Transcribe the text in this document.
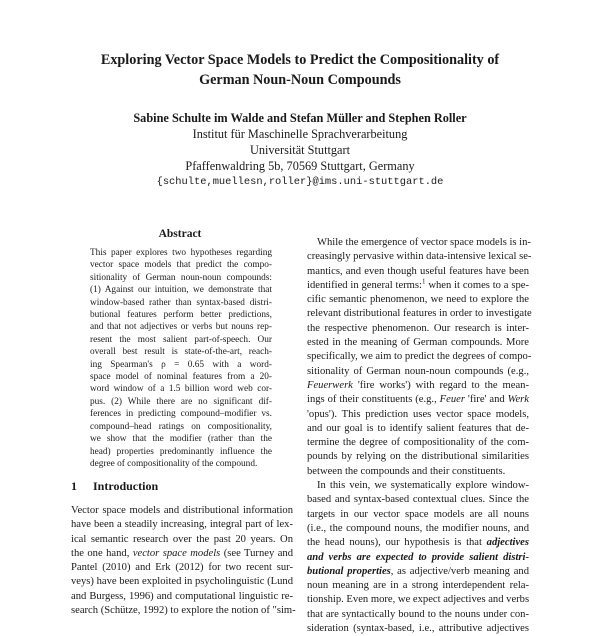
Exploring Vector Space Models to Predict the Compositionality of
German Noun-Noun Compounds
Sabine Schulte im Walde and Stefan Müller and Stephen Roller
Institut für Maschinelle Sprachverarbeitung
Universität Stuttgart
Pfaffenwaldring 5b, 70569 Stuttgart, Germany
{schulte,muellesn,roller}@ims.uni-stuttgart.de
Abstract
This paper explores two hypotheses regarding
vector space models that predict the compo-
sitionality of German noun-noun compounds:
(1) Against our intuition, we demonstrate that
window-based rather than syntax-based distri-
butional features perform better predictions,
and that not adjectives or verbs but nouns rep-
resent the most salient part-of-speech. Our
overall best result is state-of-the-art, reach-
ing Spearman's ρ = 0.65 with a word-
space model of nominal features from a 20-
word window of a 1.5 billion word web cor-
pus. (2) While there are no significant dif-
ferences in predicting compound–modifier vs.
compound–head ratings on compositionality,
we show that the modifier (rather than the
head) properties predominantly influence the
degree of compositionality of the compound.
1 Introduction
Vector space models and distributional information
have been a steadily increasing, integral part of lex-
ical semantic research over the past 20 years. On
the one hand, vector space models (see Turney and
Pantel (2010) and Erk (2012) for two recent sur-
veys) have been exploited in psycholinguistic (Lund
and Burgess, 1996) and computational linguistic re-
search (Schütze, 1992) to explore the notion of "sim-
While the emergence of vector space models is in-
creasingly pervasive within data-intensive lexical se-
mantics, and even though useful features have been
identified in general terms:$^1$ when it comes to a spe-
cific semantic phenomenon, we need to explore the
relevant distributional features in order to investigate
the respective phenomenon. Our research is inter-
ested in the meaning of German compounds. More
specifically, we aim to predict the degrees of compo-
sitionality of German noun-noun compounds (e.g.,
Feuerwerk 'fire works') with regard to the mean-
ings of their constituents (e.g., Feuer 'fire' and Werk
'opus'). This prediction uses vector space models,
and our goal is to identify salient features that de-
termine the degree of compositionality of the com-
pounds by relying on the distributional similarities
between the compounds and their constituents.
In this vein, we systematically explore window-
based and syntax-based contextual clues. Since the
targets in our vector space models are all nouns
(i.e., the compound nouns, the modifier nouns, and
the head nouns), our hypothesis is that adjectives
and verbs are expected to provide salient distri-
butional properties, as adjective/verb meaning and
noun meaning are in a strong interdependent rela-
tionship. Even more, we expect adjectives and verbs
that are syntactically bound to the nouns under con-
sideration (syntax-based, i.e., attributive adjectives
